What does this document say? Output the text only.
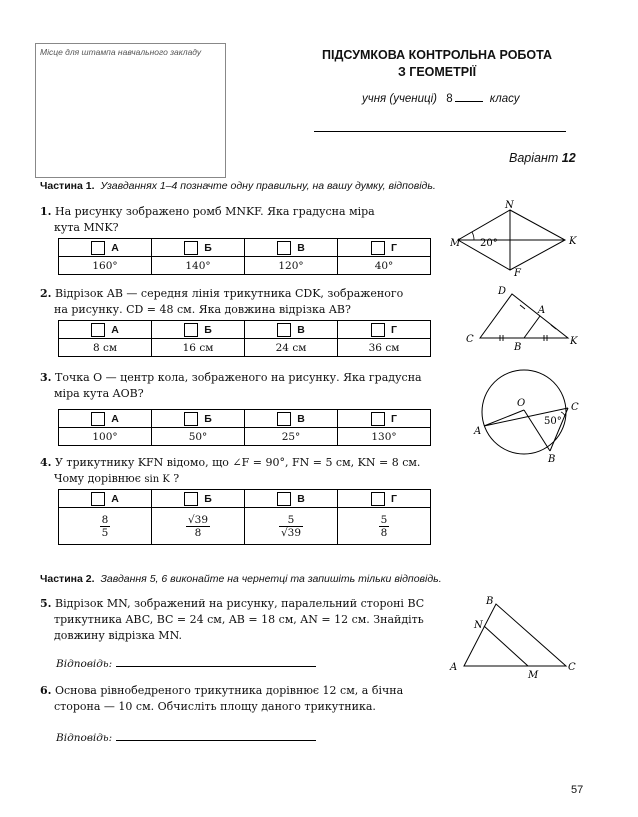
Місце для штампа навчального закладу	ПІДСУМКОВА КОНТРОЛЬНА РОБОТА
З ГЕОМЕТРІЇ
учня (учениці) 8	класу
Варіант 12
Частина 1. Узавданнях 1–4 позначте одну правильну, на вашу думку, відповідь.
1. На рисунку зображено ромб MNKF. Яка градусна міра
кута MNK?
А	Б	В	Г
160°	140°	120°	40°
N
M	K
F
20°
2. Відрізок AB — середня лінія трикутника CDK, зображеного
на рисунку. CD = 48 см. Яка довжина відрізка AB?
А	Б	В	Г
8 см	16 см	24 см	36 см
D
A
C
B
K
3. Точка O — центр кола, зображеного на рисунку. Яка градусна
міра кута AOB?
А	Б	В	Г
100°	50°	25°	130°
O
A
B
C
50°
4. У трикутнику KFN відомо, що ∠F = 90°, FN = 5 см, KN = 8 см.
Чому дорівнює sin K ?
А	Б	В	Г

$\frac{8}{5}$	$\frac{√39}{8}$	$\frac{5}{√39}$	$\frac{5}{8}$
Частина 2. Завдання 5, 6 виконайте на чернетці та запишіть тільки відповідь.
5. Відрізок MN, зображений на рисунку, паралельний стороні BC
трикутника ABC, BC = 24 см, AB = 18 см, AN = 12 см. Знайдіть
довжину відрізка MN.
Відповідь:
B
N
A
M
C
6. Основа рівнобедреного трикутника дорівнює 12 см, а бічна
сторона — 10 см. Обчисліть площу даного трикутника.
Відповідь:
57
